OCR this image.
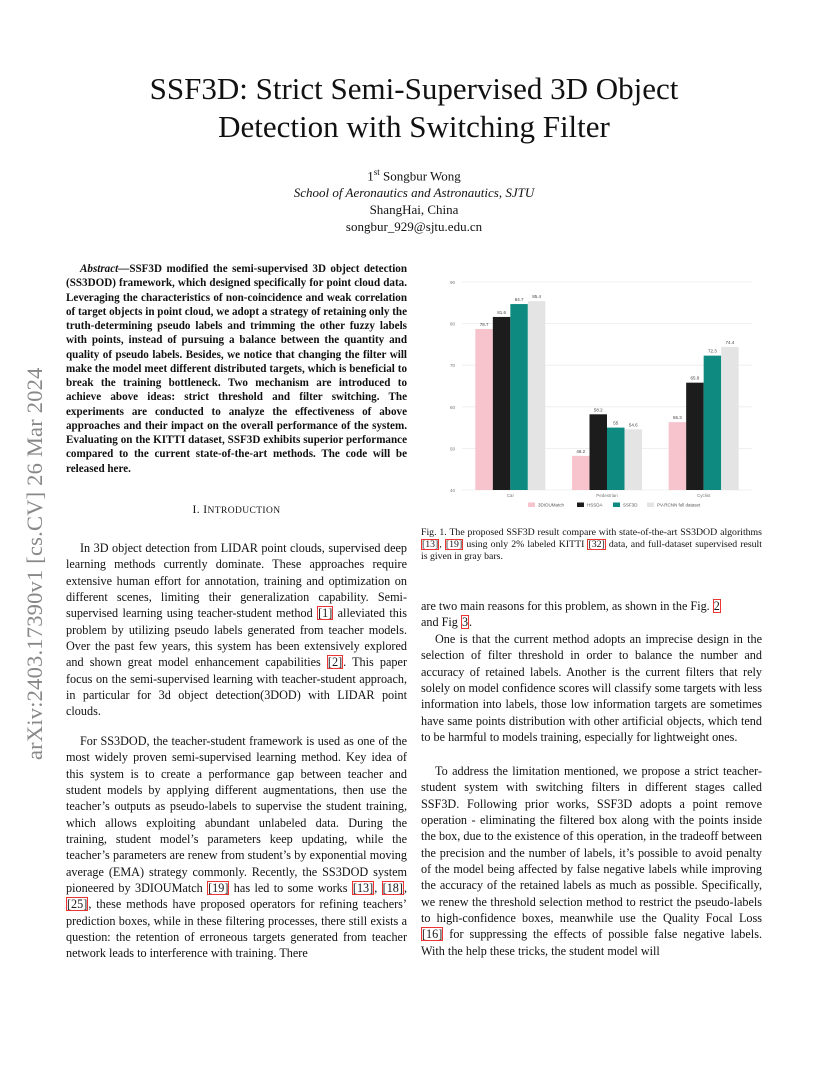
SSF3D: Strict Semi-Supervised 3D Object
Detection with Switching Filter
1st Songbur Wong
School of Aeronautics and Astronautics, SJTU
ShangHai, China
songbur_929@sjtu.edu.cn
arXiv:2403.17390v1 [cs.CV] 26 Mar 2024
Abstract—SSF3D modified the semi-supervised 3D object detection (SS3DOD) framework, which designed specifically for point cloud data. Leveraging the characteristics of non-coincidence and weak correlation of target objects in point cloud, we adopt a strategy of retaining only the truth-determining pseudo labels and trimming the other fuzzy labels with points, instead of pursuing a balance between the quantity and quality of pseudo labels. Besides, we notice that changing the filter will make the model meet different distributed targets, which is beneficial to break the training bottleneck. Two mechanism are introduced to achieve above ideas: strict threshold and filter switching. The experiments are conducted to analyze the effectiveness of above approaches and their impact on the overall performance of the system. Evaluating on the KITTI dataset, SSF3D exhibits superior performance compared to the current state-of-the-art methods. The code will be released here.
I. INTRODUCTION
In 3D object detection from LIDAR point clouds, supervised deep learning methods currently dominate. These approaches require extensive human effort for annotation, training and optimization on different scenes, limiting their generalization capability. Semi-supervised learning using teacher-student method [1] alleviated this problem by utilizing pseudo labels generated from teacher models. Over the past few years, this system has been extensively explored and shown great model enhancement capabilities [2]. This paper focus on the semi-supervised learning with teacher-student approach, in particular for 3d object detection(3DOD) with LIDAR point clouds.
For SS3DOD, the teacher-student framework is used as one of the most widely proven semi-supervised learning method. Key idea of this system is to create a performance gap between teacher and student models by applying different augmentations, then use the teacher’s outputs as pseudo-labels to supervise the student training, which allows exploiting abundant unlabeled data. During the training, student model’s parameters keep updating, while the teacher’s parameters are renew from student’s by exponential moving average (EMA) strategy commonly. Recently, the SS3DOD system pioneered by 3DIOUMatch [19] has led to some works [13], [18], [25], these methods have proposed operators for refining teachers’ prediction boxes, while in these filtering processes, there still exists a question: the retention of erroneous targets generated from teacher network leads to interference with training. There
40
50
60
70
80
90
78.7
81.6
84.7
85.4
Car
48.2
58.2
55 54.6
Pedestrian
56.3
65.8
72.3
74.4
Cyclist
3DIOUMatch	HSSDA	SSF3D	PV-RCNN full dataset
Fig. 1. The proposed SSF3D result compare with state-of-the-art SS3DOD algorithms [13], [19] using only 2% labeled KITTI [32] data, and full-dataset supervised result is given in gray bars.
are two main reasons for this problem, as shown in the Fig. 2
and Fig 3.
One is that the current method adopts an imprecise design in the selection of filter threshold in order to balance the number and accuracy of retained labels. Another is the current filters that rely solely on model confidence scores will classify some targets with less information into labels, those low information targets are sometimes have same points distribution with other artificial objects, which tend to be harmful to models training, especially for lightweight ones.
To address the limitation mentioned, we propose a strict teacher-student system with switching filters in different stages called SSF3D. Following prior works, SSF3D adopts a point remove operation - eliminating the filtered box along with the points inside the box, due to the existence of this operation, in the tradeoff between the precision and the number of labels, it’s possible to avoid penalty of the model being affected by false negative labels while improving the accuracy of the retained labels as much as possible. Specifically, we renew the threshold selection method to restrict the pseudo-labels to high-confidence boxes, meanwhile use the Quality Focal Loss [16] for suppressing the effects of possible false negative labels. With the help these tricks, the student model will
